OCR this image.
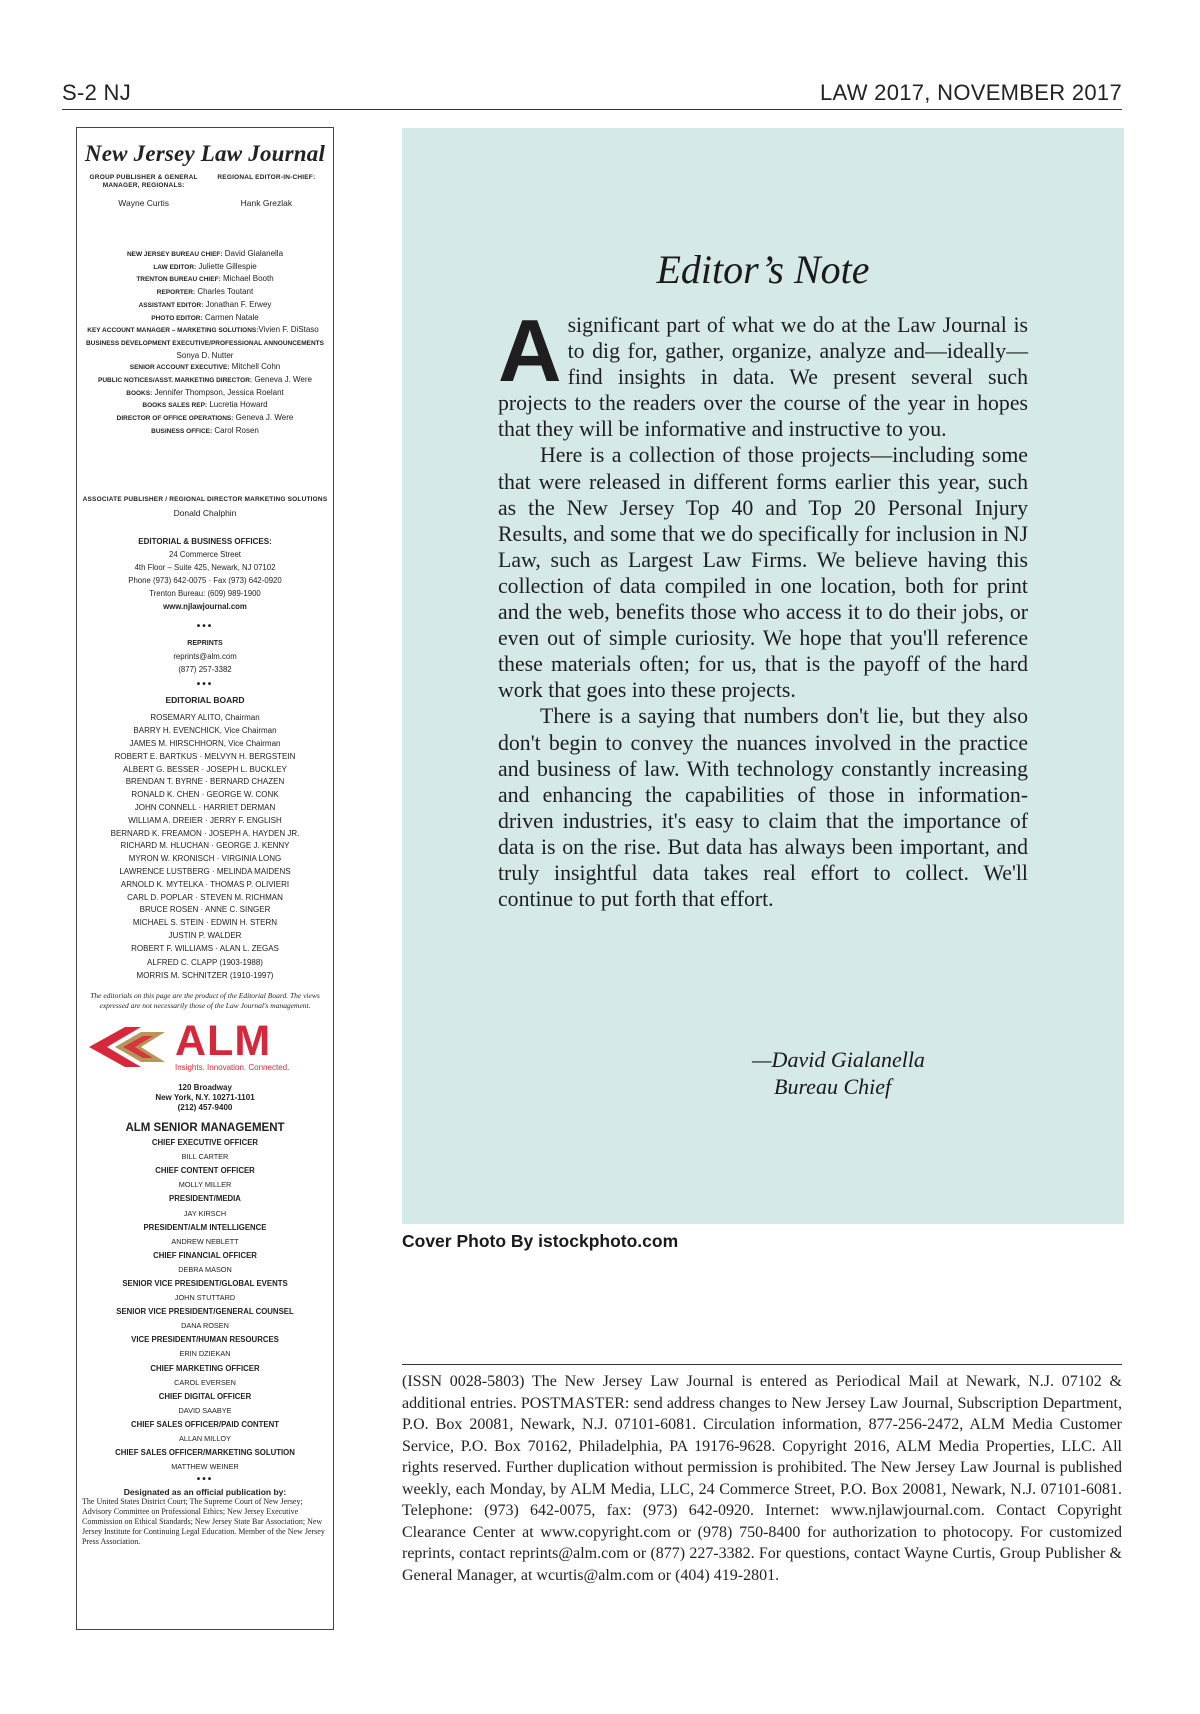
S-2 NJ	LAW 2017, NOVEMBER 2017
New Jersey Law Journal
GROUP PUBLISHER & GENERAL MANAGER, REGIONALS:
Wayne Curtis
REGIONAL EDITOR-IN-CHIEF:
Hank Grezlak
NEW JERSEY BUREAU CHIEF: David Gialanella
LAW EDITOR: Juliette Gillespie
TRENTON BUREAU CHIEF: Michael Booth
REPORTER: Charles Toutant
ASSISTANT EDITOR: Jonathan F. Erwey
PHOTO EDITOR: Carmen Natale
KEY ACCOUNT MANAGER – MARKETING SOLUTIONS:Vivien F. DiStaso
BUSINESS DEVELOPMENT EXECUTIVE/PROFESSIONAL ANNOUNCEMENTS
Sonya D. Nutter
SENIOR ACCOUNT EXECUTIVE: Mitchell Cohn
PUBLIC NOTICES/ASST. MARKETING DIRECTOR: Geneva J. Were
BOOKS: Jennifer Thompson, Jessica Roelant
BOOKS SALES REP: Lucretia Howard
DIRECTOR OF OFFICE OPERATIONS: Geneva J. Were
BUSINESS OFFICE: Carol Rosen
ASSOCIATE PUBLISHER / REGIONAL DIRECTOR MARKETING SOLUTIONS
Donald Chalphin
EDITORIAL & BUSINESS OFFICES:
24 Commerce Street
4th Floor – Suite 425, Newark, NJ 07102
Phone (973) 642-0075 · Fax (973) 642-0920
Trenton Bureau: (609) 989-1900
www.njlawjournal.com
•••
REPRINTS
reprints@alm.com
(877) 257-3382
•••
EDITORIAL BOARD
ROSEMARY ALITO, Chairman
BARRY H. EVENCHICK, Vice Chairman
JAMES M. HIRSCHHORN, Vice Chairman
ROBERT E. BARTKUS · MELVYN H. BERGSTEIN
ALBERT G. BESSER · JOSEPH L. BUCKLEY
BRENDAN T. BYRNE · BERNARD CHAZEN
RONALD K. CHEN · GEORGE W. CONK
JOHN CONNELL · HARRIET DERMAN
WILLIAM A. DREIER · JERRY F. ENGLISH
BERNARD K. FREAMON · JOSEPH A. HAYDEN JR.
RICHARD M. HLUCHAN · GEORGE J. KENNY
MYRON W. KRONISCH · VIRGINIA LONG
LAWRENCE LUSTBERG · MELINDA MAIDENS
ARNOLD K. MYTELKA · THOMAS P. OLIVIERI
CARL D. POPLAR · STEVEN M. RICHMAN
BRUCE ROSEN · ANNE C. SINGER
MICHAEL S. STEIN · EDWIN H. STERN
JUSTIN P. WALDER
ROBERT F. WILLIAMS · ALAN L. ZEGAS
ALFRED C. CLAPP (1903-1988)
MORRIS M. SCHNITZER (1910-1997)
The editorials on this page are the product of the Editorial Board. The views expressed are not necessarily those of the Law Journal's management.
ALM
Insights. Innovation. Connected.
120 Broadway
New York, N.Y. 10271-1101
(212) 457-9400
ALM SENIOR MANAGEMENT
CHIEF EXECUTIVE OFFICER
BILL CARTER
CHIEF CONTENT OFFICER
MOLLY MILLER
PRESIDENT/MEDIA
JAY KIRSCH
PRESIDENT/ALM INTELLIGENCE
ANDREW NEBLETT
CHIEF FINANCIAL OFFICER
DEBRA MASON
SENIOR VICE PRESIDENT/GLOBAL EVENTS
JOHN STUTTARD
SENIOR VICE PRESIDENT/GENERAL COUNSEL
DANA ROSEN
VICE PRESIDENT/HUMAN RESOURCES
ERIN DZIEKAN
CHIEF MARKETING OFFICER
CAROL EVERSEN
CHIEF DIGITAL OFFICER
DAVID SAABYE
CHIEF SALES OFFICER/PAID CONTENT
ALLAN MILLOY
CHIEF SALES OFFICER/MARKETING SOLUTION
MATTHEW WEINER
•••
Designated as an official publication by:
The United States District Court; The Supreme Court of New Jersey; Advisory Committee on Professional Ethics; New Jersey Executive Commission on Ethical Standards; New Jersey State Bar Association; New Jersey Institute for Continuing Legal Education. Member of the New Jersey Press Association.
Editor’s Note

A significant part of what we do at the Law Journal is to dig for, gather, organize, analyze and—ideally—find insights in data. We present several such projects to the readers over the course of the year in hopes that they will be informative and instructive to you.

Here is a collection of those projects—including some that were released in different forms earlier this year, such as the New Jersey Top 40 and Top 20 Personal Injury Results, and some that we do specifically for inclusion in NJ Law, such as Largest Law Firms. We believe having this collection of data compiled in one location, both for print and the web, benefits those who access it to do their jobs, or even out of simple curiosity. We hope that you'll reference these materials often; for us, that is the payoff of the hard work that goes into these projects.

There is a saying that numbers don't lie, but they also don't begin to convey the nuances involved in the practice and business of law. With technology constantly increasing and enhancing the capabilities of those in information-driven industries, it's easy to claim that the importance of data is on the rise. But data has always been important, and truly insightful data takes real effort to collect. We'll continue to put forth that effort.

—David Gialanella
Bureau Chief
Cover Photo By istockphoto.com
(ISSN 0028-5803) The New Jersey Law Journal is entered as Periodical Mail at Newark, N.J. 07102 & additional entries. POSTMASTER: send address changes to New Jersey Law Journal, Subscription Department, P.O. Box 20081, Newark, N.J. 07101-6081. Circulation information, 877-256-2472, ALM Media Customer Service, P.O. Box 70162, Philadelphia, PA 19176-9628. Copyright 2016, ALM Media Properties, LLC. All rights reserved. Further duplication without permission is prohibited. The New Jersey Law Journal is published weekly, each Monday, by ALM Media, LLC, 24 Commerce Street, P.O. Box 20081, Newark, N.J. 07101-6081. Telephone: (973) 642-0075, fax: (973) 642-0920. Internet: www.njlawjournal.com. Contact Copyright Clearance Center at www.copyright.com or (978) 750-8400 for authorization to photocopy. For customized reprints, contact reprints@alm.com or (877) 227-3382. For questions, contact Wayne Curtis, Group Publisher & General Manager, at wcurtis@alm.com or (404) 419-2801.
